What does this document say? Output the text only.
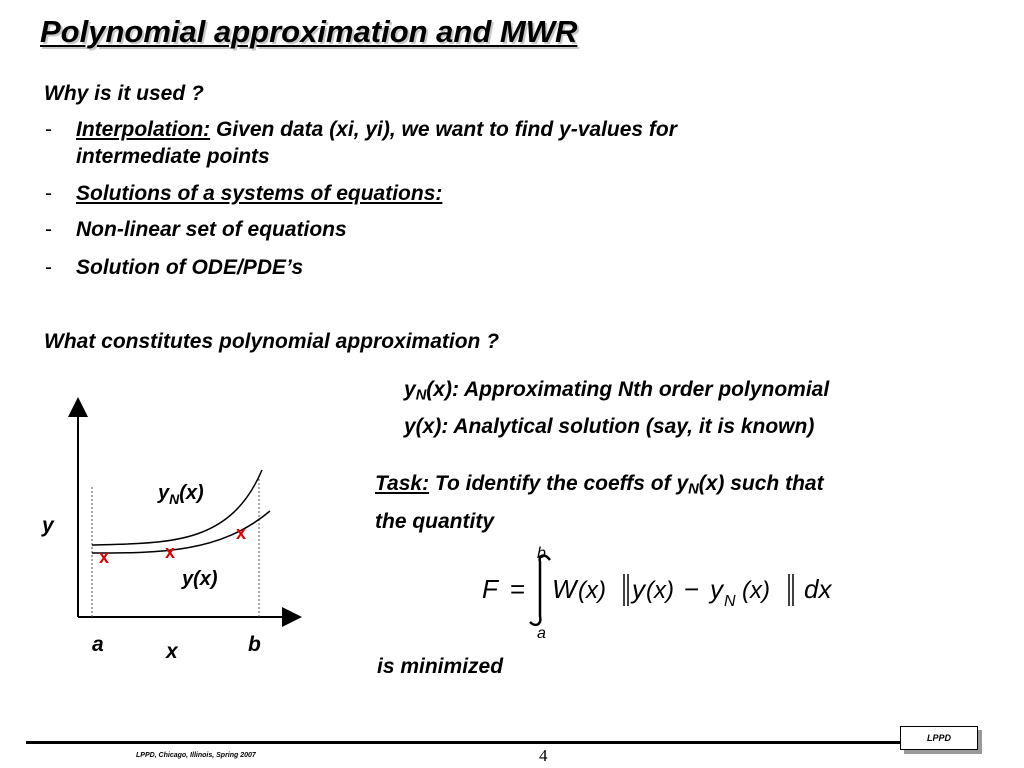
Polynomial approximation and MWR
Why is it used ?
- Interpolation: Given data (xi, yi), we want to find y-values for
intermediate points
- Solutions of a systems of equations:
- Non-linear set of equations
- Solution of ODE/PDE’s
What constitutes polynomial approximation ?
$y_N(x)$: Approximating Nth order polynomial
y(x): Analytical solution (say, it is known)
Task: To identify the coeffs of $y_N(x)$ such that
the quantity
F =
b
a
W (x) y (x) − y N (x) dx
is minimized
x	x
x
$y_N(x)$
y(x)
y
a	x	b
LPPD, Chicago, Illinois, Spring 2007	4
LPPD
